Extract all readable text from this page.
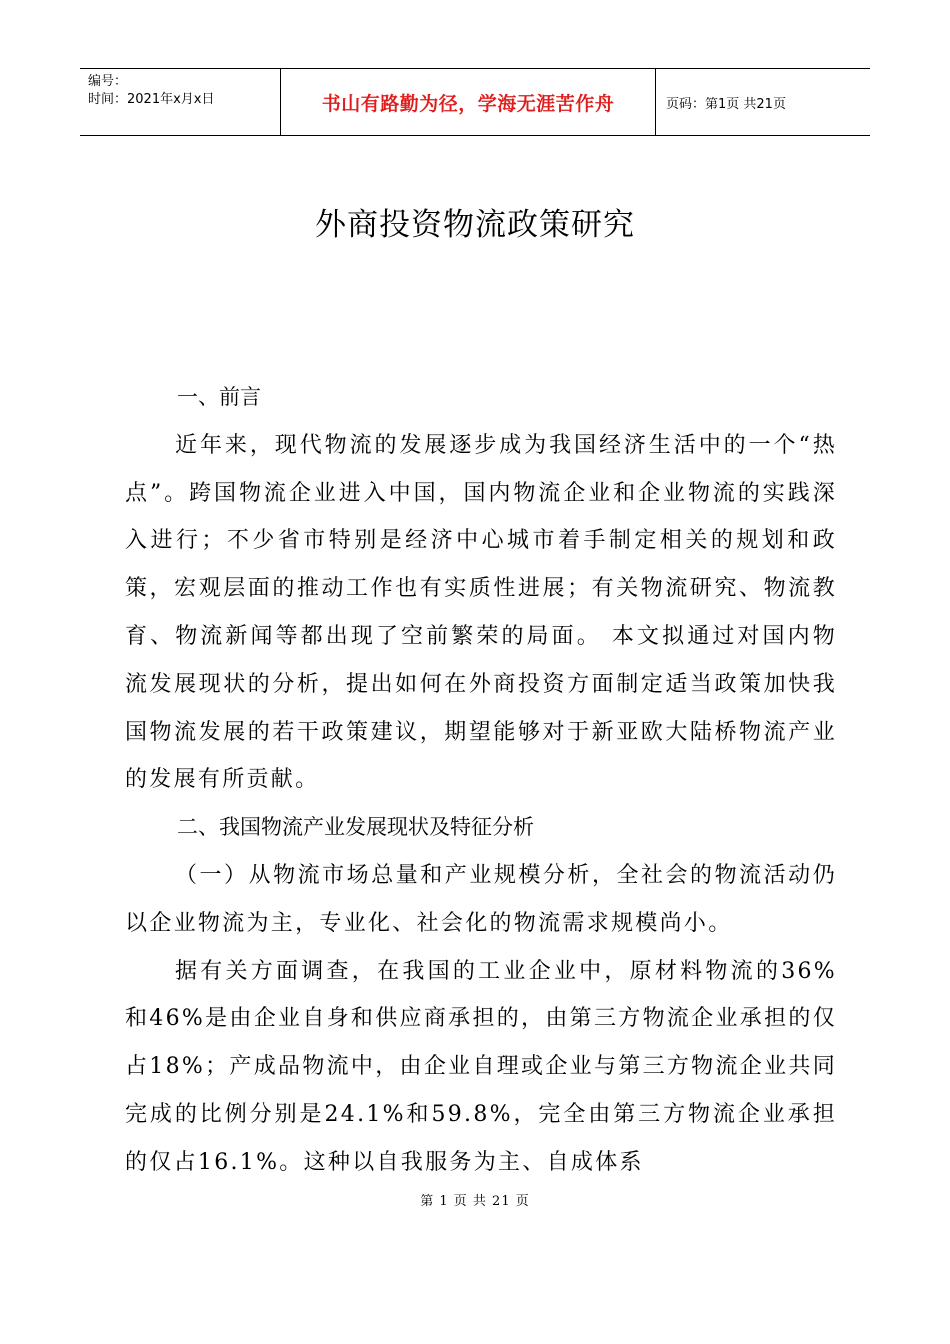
编号：
时间：2021年x月x日	书山有路勤为径，学海无涯苦作舟	页码：第1页 共21页
外商投资物流政策研究

一、前言

近年来，现代物流的发展逐步成为我国经济生活中的一个“热点”。跨国物流企业进入中国，国内物流企业和企业物流的实践深入进行；不少省市特别是经济中心城市着手制定相关的规划和政策，宏观层面的推动工作也有实质性进展；有关物流研究、物流教育、物流新闻等都出现了空前繁荣的局面。 本文拟通过对国内物流发展现状的分析，提出如何在外商投资方面制定适当政策加快我国物流发展的若干政策建议，期望能够对于新亚欧大陆桥物流产业的发展有所贡献。

二、我国物流产业发展现状及特征分析

（一）从物流市场总量和产业规模分析，全社会的物流活动仍以企业物流为主，专业化、社会化的物流需求规模尚小。

据有关方面调查，在我国的工业企业中，原材料物流的36%和46%是由企业自身和供应商承担的，由第三方物流企业承担的仅占18%；产成品物流中，由企业自理或企业与第三方物流企业共同完成的比例分别是24.1%和59.8%，完全由第三方物流企业承担的仅占16.1%。这种以自我服务为主、自成体系

第 1 页 共 21 页
